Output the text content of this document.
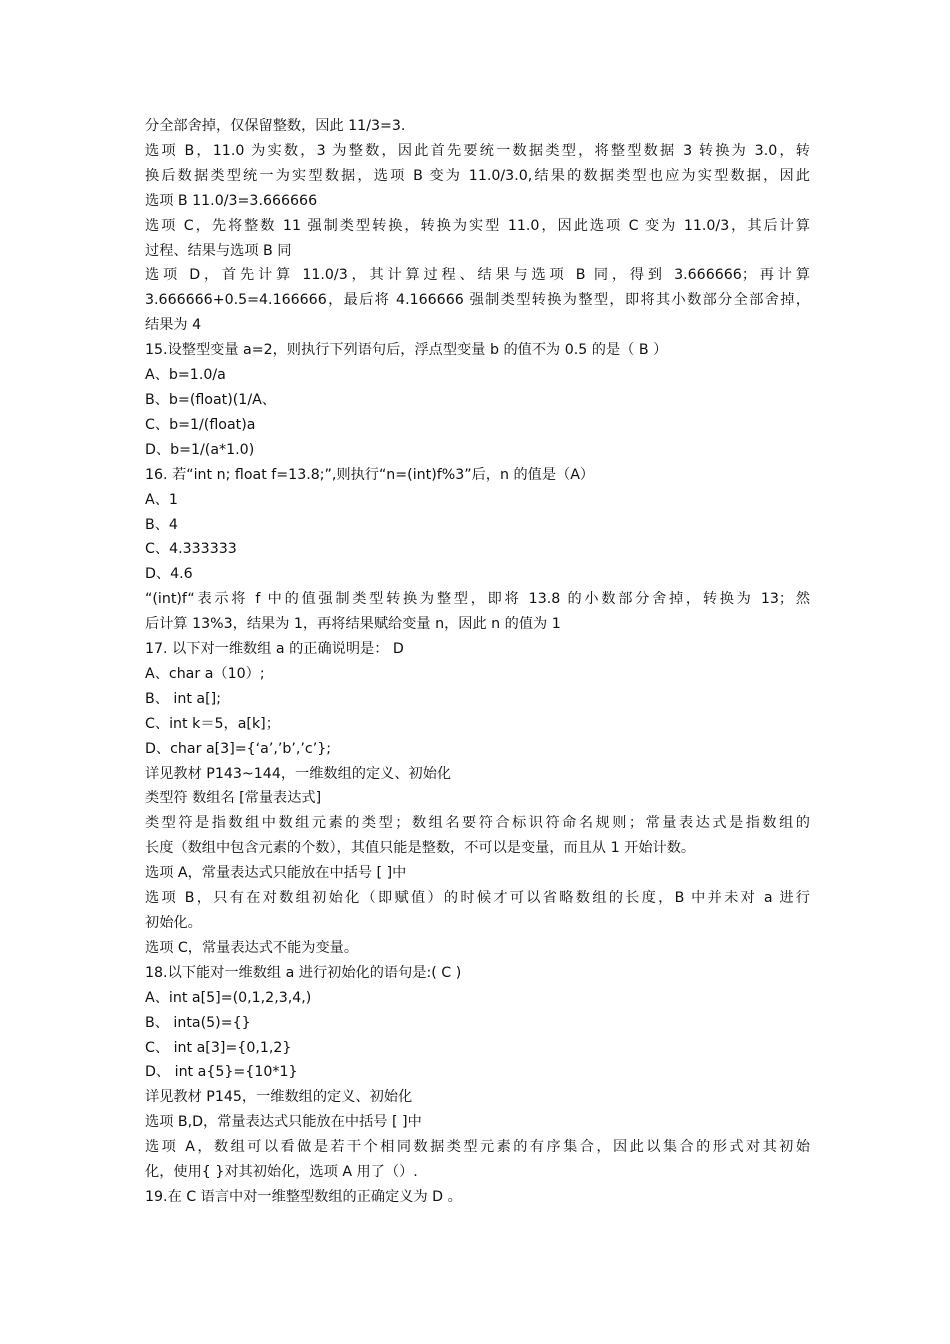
分全部舍掉，仅保留整数，因此 11/3=3.
选项 B，11.0 为实数，3 为整数，因此首先要统一数据类型，将整型数据 3 转换为 3.0，转
换后数据类型统一为实型数据，选项 B 变为 11.0/3.0,结果的数据类型也应为实型数据，因此
选项 B 11.0/3=3.666666
选项 C，先将整数 11 强制类型转换，转换为实型 11.0，因此选项 C 变为 11.0/3，其后计算
过程、结果与选项 B 同
选项 D，首先计算 11.0/3，其计算过程、结果与选项 B 同，得到 3.666666；再计算
3.666666+0.5=4.166666，最后将 4.166666 强制类型转换为整型，即将其小数部分全部舍掉，
结果为 4
15.设整型变量 a=2，则执行下列语句后，浮点型变量 b 的值不为 0.5 的是（ B ）
A、b=1.0/a
B、b=(float)(1/A、
C、b=1/(float)a
D、b=1/(a*1.0)
16. 若“int n; float f=13.8;”,则执行“n=(int)f%3”后，n 的值是（A）
A、1
B、4
C、4.333333
D、4.6
“(int)f“表示将 f 中的值强制类型转换为整型，即将 13.8 的小数部分舍掉，转换为 13；然
后计算 13%3，结果为 1，再将结果赋给变量 n，因此 n 的值为 1
17. 以下对一维数组 a 的正确说明是： D
A、char a（10）;
B、 int a[];
C、int k＝5，a[k]；
D、char a[3]={‘a’,’b’,’c’};
详见教材 P143~144，一维数组的定义、初始化
类型符 数组名 [常量表达式]
类型符是指数组中数组元素的类型；数组名要符合标识符命名规则；常量表达式是指数组的
长度（数组中包含元素的个数），其值只能是整数，不可以是变量，而且从 1 开始计数。
选项 A，常量表达式只能放在中括号 [ ]中
选项 B，只有在对数组初始化（即赋值）的时候才可以省略数组的长度，B 中并未对 a 进行
初始化。
选项 C，常量表达式不能为变量。
18.以下能对一维数组 a 进行初始化的语句是:( C )
A、int a[5]=(0,1,2,3,4,)
B、 inta(5)={}
C、 int a[3]={0,1,2}
D、 int a{5}={10*1}
详见教材 P145，一维数组的定义、初始化
选项 B,D，常量表达式只能放在中括号 [ ]中
选项 A，数组可以看做是若干个相同数据类型元素的有序集合，因此以集合的形式对其初始
化，使用{ }对其初始化，选项 A 用了（）.
19.在 C 语言中对一维整型数组的正确定义为 D 。
